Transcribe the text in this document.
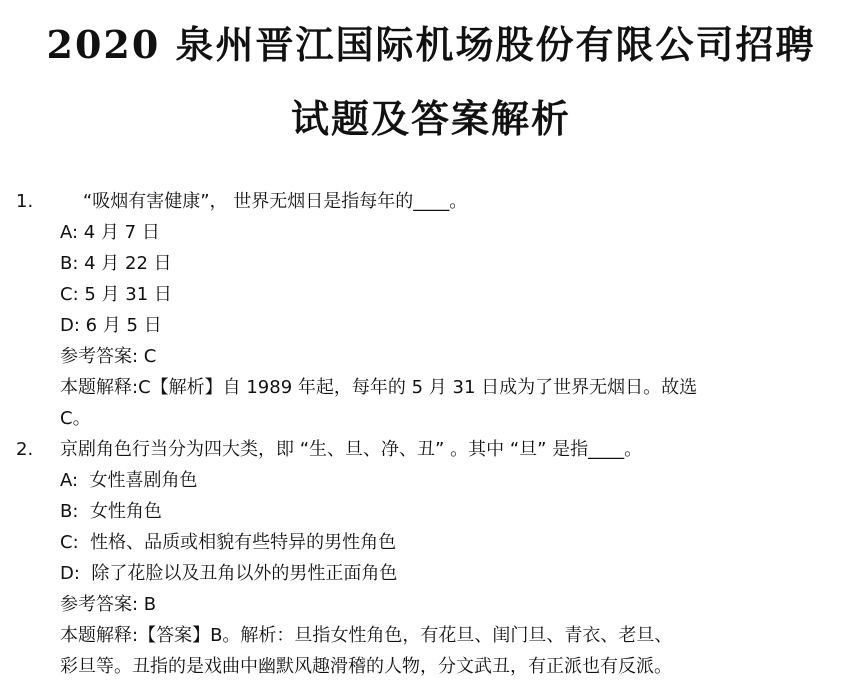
2020 泉州晋江国际机场股份有限公司招聘
试题及答案解析
1. “吸烟有害健康”， 世界无烟日是指每年的____。
A: 4 月 7 日
B: 4 月 22 日
C: 5 月 31 日
D: 6 月 5 日
参考答案: C
本题解释:C【解析】自 1989 年起，每年的 5 月 31 日成为了世界无烟日。故选
C。
2. 京剧角色行当分为四大类，即 “生、旦、净、丑” 。其中 “旦” 是指____。
A:  女性喜剧角色
B:  女性角色
C:  性格、品质或相貌有些特异的男性角色
D:  除了花脸以及丑角以外的男性正面角色
参考答案: B
本题解释:【答案】B。解析：旦指女性角色，有花旦、闺门旦、青衣、老旦、
彩旦等。丑指的是戏曲中幽默风趣滑稽的人物，分文武丑，有正派也有反派。
